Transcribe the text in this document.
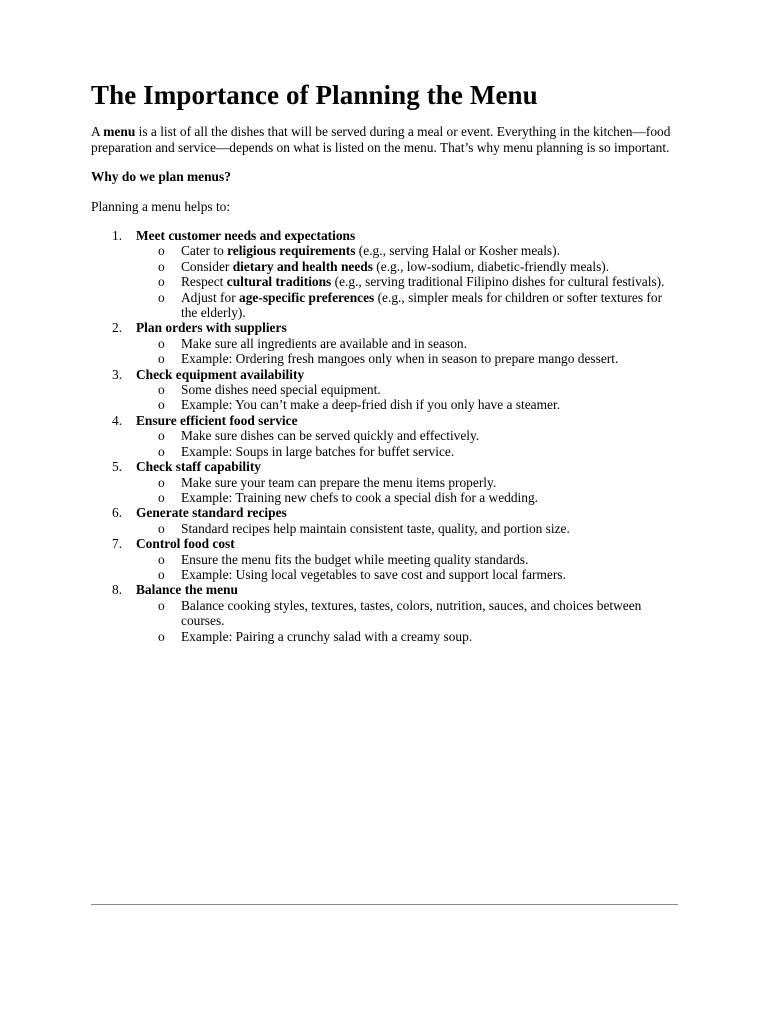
The Importance of Planning the Menu

A menu is a list of all the dishes that will be served during a meal or event. Everything in the kitchen—food preparation and service—depends on what is listed on the menu. That’s why menu planning is so important.

Why do we plan menus?

Planning a menu helps to:

1. Meet customer needs and expectations
o Cater to religious requirements (e.g., serving Halal or Kosher meals).
o Consider dietary and health needs (e.g., low-sodium, diabetic-friendly meals).
o Respect cultural traditions (e.g., serving traditional Filipino dishes for cultural festivals).
o Adjust for age-specific preferences (e.g., simpler meals for children or softer textures for the elderly).
2. Plan orders with suppliers
o Make sure all ingredients are available and in season.
o Example: Ordering fresh mangoes only when in season to prepare mango dessert.
3. Check equipment availability
o Some dishes need special equipment.
o Example: You can’t make a deep-fried dish if you only have a steamer.
4. Ensure efficient food service
o Make sure dishes can be served quickly and effectively.
o Example: Soups in large batches for buffet service.
5. Check staff capability
o Make sure your team can prepare the menu items properly.
o Example: Training new chefs to cook a special dish for a wedding.
6. Generate standard recipes
o Standard recipes help maintain consistent taste, quality, and portion size.
7. Control food cost
o Ensure the menu fits the budget while meeting quality standards.
o Example: Using local vegetables to save cost and support local farmers.
8. Balance the menu
o Balance cooking styles, textures, tastes, colors, nutrition, sauces, and choices between courses.
o Example: Pairing a crunchy salad with a creamy soup.
